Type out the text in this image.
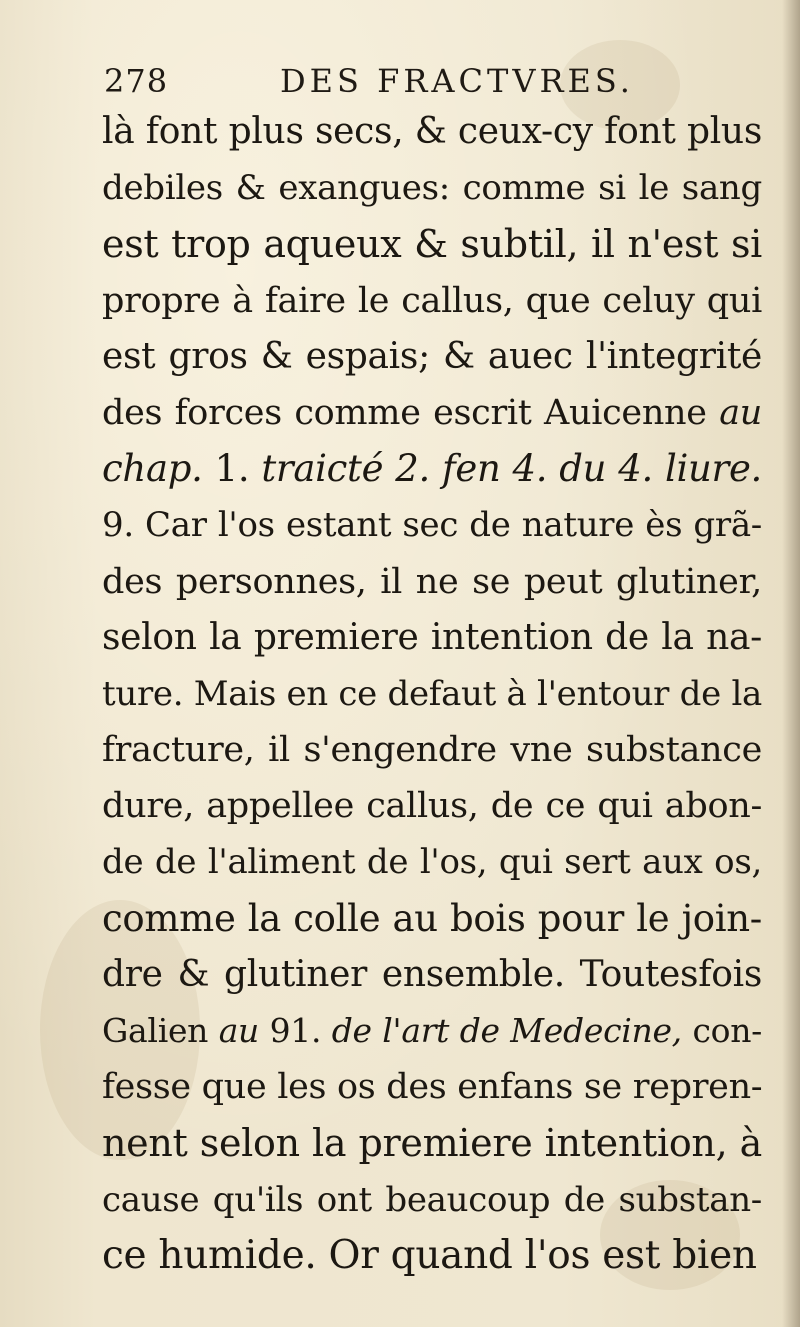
278	DES FRACTVRES.
là font plus secs, & ceux-cy font plus
debiles & exangues: comme si le sang
est trop aqueux & subtil, il n'est si
propre à faire le callus, que celuy qui
est gros & espais; & auec l'integrité
des forces comme escrit Auicenne au
chap. 1. traicté 2. fen 4. du 4. liure.
9. Car l'os estant sec de nature ès grã-
des personnes, il ne se peut glutiner,
selon la premiere intention de la na-
ture. Mais en ce defaut à l'entour de la
fracture, il s'engendre vne substance
dure, appellee callus, de ce qui abon-
de de l'aliment de l'os, qui sert aux os,
comme la colle au bois pour le join-
dre & glutiner ensemble. Toutesfois
Galien au 91. de l'art de Medecine, con-
fesse que les os des enfans se repren-
nent selon la premiere intention, à
cause qu'ils ont beaucoup de substan-
ce humide. Or quand l'os est bien
